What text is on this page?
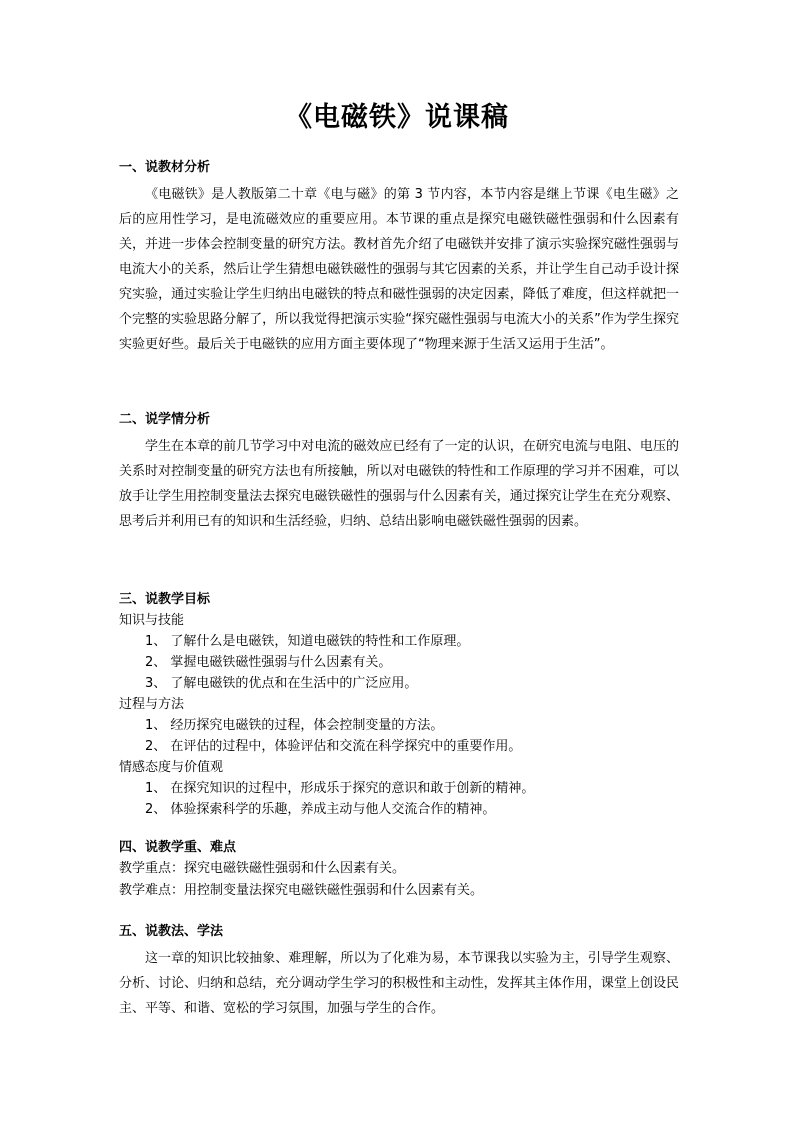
《电磁铁》说课稿
一、说教材分析
《电磁铁》是人教版第二十章《电与磁》的第 3 节内容，本节内容是继上节课《电生磁》之后的应用性学习，是电流磁效应的重要应用。本节课的重点是探究电磁铁磁性强弱和什么因素有关，并进一步体会控制变量的研究方法。教材首先介绍了电磁铁并安排了演示实验探究磁性强弱与电流大小的关系，然后让学生猜想电磁铁磁性的强弱与其它因素的关系，并让学生自己动手设计探究实验，通过实验让学生归纳出电磁铁的特点和磁性强弱的决定因素，降低了难度，但这样就把一个完整的实验思路分解了，所以我觉得把演示实验“探究磁性强弱与电流大小的关系”作为学生探究实验更好些。最后关于电磁铁的应用方面主要体现了“物理来源于生活又运用于生活”。
二、说学情分析
学生在本章的前几节学习中对电流的磁效应已经有了一定的认识，在研究电流与电阻、电压的关系时对控制变量的研究方法也有所接触，所以对电磁铁的特性和工作原理的学习并不困难，可以放手让学生用控制变量法去探究电磁铁磁性的强弱与什么因素有关，通过探究让学生在充分观察、思考后并利用已有的知识和生活经验，归纳、总结出影响电磁铁磁性强弱的因素。
三、说教学目标
知识与技能
1、 了解什么是电磁铁，知道电磁铁的特性和工作原理。
2、 掌握电磁铁磁性强弱与什么因素有关。
3、 了解电磁铁的优点和在生活中的广泛应用。
过程与方法
1、 经历探究电磁铁的过程，体会控制变量的方法。
2、 在评估的过程中，体验评估和交流在科学探究中的重要作用。
情感态度与价值观
1、 在探究知识的过程中，形成乐于探究的意识和敢于创新的精神。
2、 体验探索科学的乐趣，养成主动与他人交流合作的精神。
四、说教学重、难点
教学重点：探究电磁铁磁性强弱和什么因素有关。
教学难点：用控制变量法探究电磁铁磁性强弱和什么因素有关。
五、说教法、学法
这一章的知识比较抽象、难理解，所以为了化难为易，本节课我以实验为主，引导学生观察、分析、讨论、归纳和总结，充分调动学生学习的积极性和主动性，发挥其主体作用，课堂上创设民主、平等、和谐、宽松的学习氛围，加强与学生的合作。
